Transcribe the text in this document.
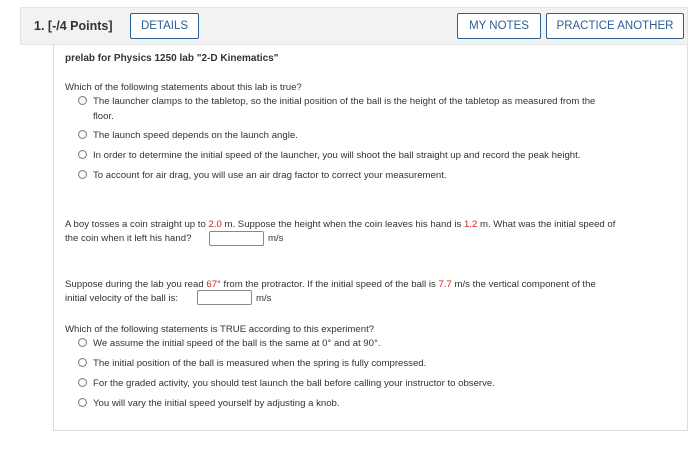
1. [-/4 Points]	DETAILS	MY NOTES	PRACTICE ANOTHER
prelab for Physics 1250 lab "2-D Kinematics"
Which of the following statements about this lab is true?
The launcher clamps to the tabletop, so the initial position of the ball is the height of the tabletop as measured from the
floor.
The launch speed depends on the launch angle.
In order to determine the initial speed of the launcher, you will shoot the ball straight up and record the peak height.
To account for air drag, you will use an air drag factor to correct your measurement.
A boy tosses a coin straight up to 2.0 m. Suppose the height when the coin leaves his hand is 1.2 m. What was the initial speed of
the coin when it left his hand?	m/s
Suppose during the lab you read 67° from the protractor. If the initial speed of the ball is 7.7 m/s the vertical component of the
initial velocity of the ball is:	m/s
Which of the following statements is TRUE according to this experiment?
We assume the initial speed of the ball is the same at 0° and at 90°.
The initial position of the ball is measured when the spring is fully compressed.
For the graded activity, you should test launch the ball before calling your instructor to observe.
You will vary the initial speed yourself by adjusting a knob.
